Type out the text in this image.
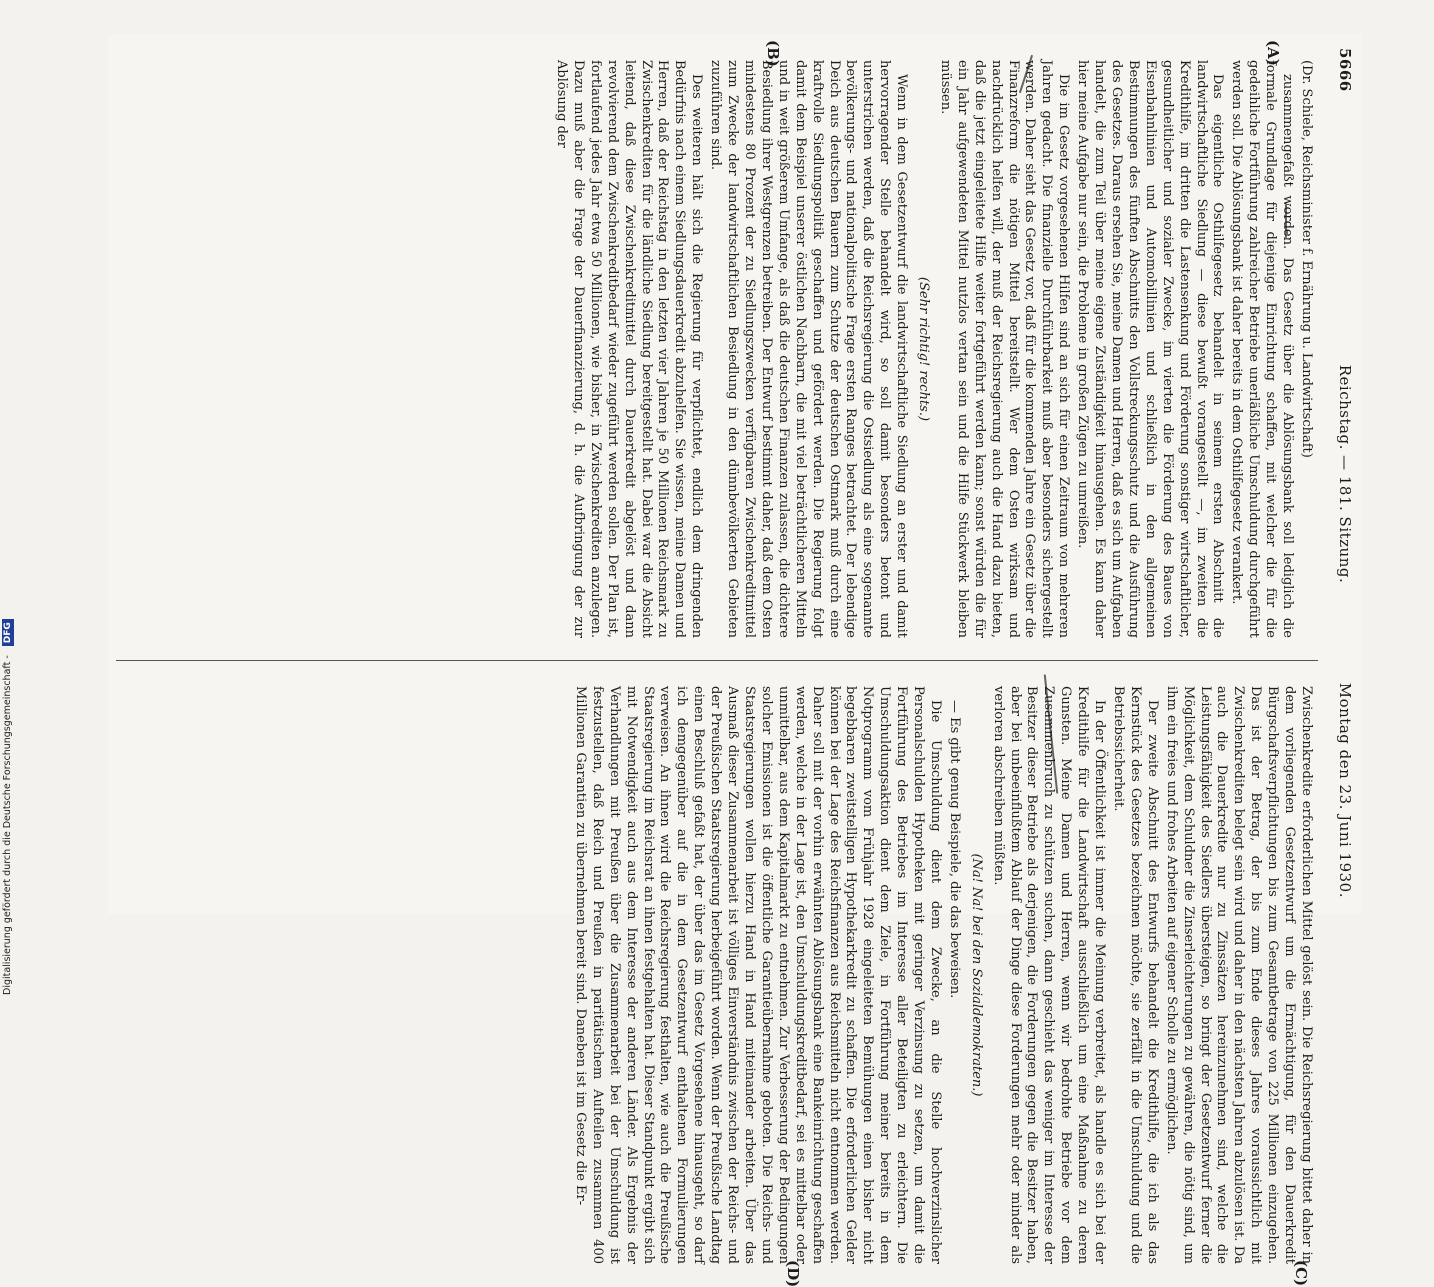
5666
Reichstag. — 181. Sitzung.
Montag den 23. Juni 1930.
(A)
(B)
(C)
(D)

(Dr. Schiele, Reichsminister f. Ernährung u. Landwirtschaft)

zusammengefaßt worden. Das Gesetz über die Ablösungsbank soll lediglich die formale Grundlage für diejenige Einrichtung schaffen, mit welcher die für die gedeihliche Fortführung zahlreicher Betriebe unerläßliche Umschuldung durchgeführt werden soll. Die Ablösungsbank ist daher bereits in dem Osthilfegesetz verankert.

Das eigentliche Osthilfegesetz behandelt in seinem ersten Abschnitt die landwirtschaftliche Siedlung — diese bewußt vorangestellt —, im zweiten die Kredithilfe, im dritten die Lastensenkung und Förderung sonstiger wirtschaftlicher, gesundheitlicher und sozialer Zwecke, im vierten die Förderung des Baues von Eisenbahnlinien und Automobillinien und schließlich in den allgemeinen Bestimmungen des fünften Abschnitts den Vollstreckungsschutz und die Ausführung des Gesetzes. Daraus ersehen Sie, meine Damen und Herren, daß es sich um Aufgaben handelt, die zum Teil über meine eigene Zuständigkeit hinausgehen. Es kann daher hier meine Aufgabe nur sein, die Probleme in großen Zügen zu umreißen.

Die im Gesetz vorgesehenen Hilfen sind an sich für einen Zeitraum von mehreren Jahren gedacht. Die finanzielle Durchführbarkeit muß aber besonders sichergestellt werden. Daher sieht das Gesetz vor, daß für die kommenden Jahre ein Gesetz über die Finanzreform die nötigen Mittel bereitstellt. Wer dem Osten wirksam und nachdrücklich helfen will, der muß der Reichsregierung auch die Hand dazu bieten, daß die jetzt eingeleitete Hilfe weiter fortgeführt werden kann; sonst würden die für ein Jahr aufgewendeten Mittel nutzlos vertan sein und die Hilfe Stückwerk bleiben müssen.

(Sehr richtig! rechts.)

Wenn in dem Gesetzentwurf die landwirtschaftliche Siedlung an erster und damit hervorragender Stelle behandelt wird, so soll damit besonders betont und unterstrichen werden, daß die Reichsregierung die Ostsiedlung als eine sogenannte bevölkerungs- und nationalpolitische Frage ersten Ranges betrachtet. Der lebendige Deich aus deutschen Bauern zum Schutze der deutschen Ostmark muß durch eine kraftvolle Siedlungspolitik geschaffen und gefördert werden. Die Regierung folgt damit dem Beispiel unserer östlichen Nachbarn, die mit viel beträchtlicheren Mitteln und in weit größerem Umfange, als daß die deutschen Finanzen zulassen, die dichtere Besiedlung ihrer Westgrenzen betreiben. Der Entwurf bestimmt daher, daß dem Osten mindestens 80 Prozent der zu Siedlungszwecken verfügbaren Zwischenkreditmittel zum Zwecke der landwirtschaftlichen Besiedlung in den dünnbevölkerten Gebieten zuzuführen sind.

Des weiteren hält sich die Regierung für verpflichtet, endlich dem dringenden Bedürfnis nach einem Siedlungsdauerkredit abzuhelfen. Sie wissen, meine Damen und Herren, daß der Reichstag in den letzten vier Jahren je 50 Millionen Reichsmark zu Zwischenkrediten für die ländliche Siedlung bereitgestellt hat. Dabei war die Absicht leitend, daß diese Zwischenkreditmittel durch Dauerkredit abgelöst und dann revolvierend dem Zwischenkreditbedarf wieder zugeführt werden sollen. Der Plan ist, fortlaufend jedes Jahr etwa 50 Millionen, wie bisher, in Zwischenkrediten anzulegen. Dazu muß aber die Frage der Dauerfinanzierung, d. h. die Aufbringung der zur Ablösung der

Zwischenkredite erforderlichen Mittel gelöst sein. Die Reichsregierung bittet daher in dem vorliegenden Gesetzentwurf um die Ermächtigung, für den Dauerkredit Bürgschaftsverpflichtungen bis zum Gesamtbetrage von 225 Millionen einzugehen. Das ist der Betrag, der bis zum Ende dieses Jahres voraussichtlich mit Zwischenkrediten belegt sein wird und daher in den nächsten Jahren abzulösen ist. Da auch die Dauerkredite nur zu Zinssätzen hereinzunehmen sind, welche die Leistungsfähigkeit des Siedlers übersteigen, so bringt der Gesetzentwurf ferner die Möglichkeit, dem Schuldner die Zinserleichterungen zu gewähren, die nötig sind, um ihm ein freies und frohes Arbeiten auf eigener Scholle zu ermöglichen.

Der zweite Abschnitt des Entwurfs behandelt die Kredithilfe, die ich als das Kernstück des Gesetzes bezeichnen möchte, sie zerfällt in die Umschuldung und die Betriebssicherheit.

In der Öffentlichkeit ist immer die Meinung verbreitet, als handle es sich bei der Kredithilfe für die Landwirtschaft ausschließlich um eine Maßnahme zu deren Gunsten. Meine Damen und Herren, wenn wir bedrohte Betriebe vor dem Zusammenbruch zu schützen suchen, dann geschieht das weniger im Interesse der Besitzer dieser Betriebe als derjenigen, die Forderungen gegen die Besitzer haben, aber bei unbeeinflußtem Ablauf der Dinge diese Forderungen mehr oder minder als verloren abschreiben müßten.

(Na! Na! bei den Sozialdemokraten.)

— Es gibt genug Beispiele, die das beweisen.

Die Umschuldung dient dem Zwecke, an die Stelle hochverzinslicher Personalschulden Hypotheken mit geringer Verzinsung zu setzen, um damit die Fortführung des Betriebes im Interesse aller Beteiligten zu erleichtern. Die Umschuldungsaktion dient dem Ziele, in Fortführung meiner bereits in dem Notprogramm vom Frühjahr 1928 eingeleiteten Bemühungen einen bisher nicht begebbaren zweitstelligen Hypothekarkredit zu schaffen. Die erforderlichen Gelder können bei der Lage des Reichsfinanzen aus Reichsmitteln nicht entnommen werden. Daher soll mit der vorhin erwähnten Ablösungsbank eine Bankeinrichtung geschaffen werden, welche in der Lage ist, den Umschuldungskreditbedarf, sei es mittelbar oder unmittelbar, aus dem Kapitalmarkt zu entnehmen. Zur Verbesserung der Bedingungen solcher Emissionen ist die öffentliche Garantieübernahme geboten. Die Reichs- und Staatsregierungen wollen hierzu Hand in Hand miteinander arbeiten. Über das Ausmaß dieser Zusammenarbeit ist völliges Einverständnis zwischen der Reichs- und der Preußischen Staatsregierung herbeigeführt worden. Wenn der Preußische Landtag einen Beschluß gefaßt hat, der über das im Gesetz Vorgesehene hinausgeht, so darf ich demgegenüber auf die in dem Gesetzentwurf enthaltenen Formulierungen verweisen. An ihnen wird die Reichsregierung festhalten, wie auch die Preußische Staatsregierung im Reichsrat an ihnen festgehalten hat. Dieser Standpunkt ergibt sich mit Notwendigkeit auch aus dem Interesse der anderen Länder. Als Ergebnis der Verhandlungen mit Preußen über die Zusammenarbeit bei der Umschuldung ist festzustellen, daß Reich und Preußen in paritätischem Aufteilen zusammen 400 Millionen Garantien zu übernehmen bereit sind. Daneben ist im Gesetz die Er-

Digitalisierung gefördert durch die Deutsche Forschungsgemeinschaft - DFG
